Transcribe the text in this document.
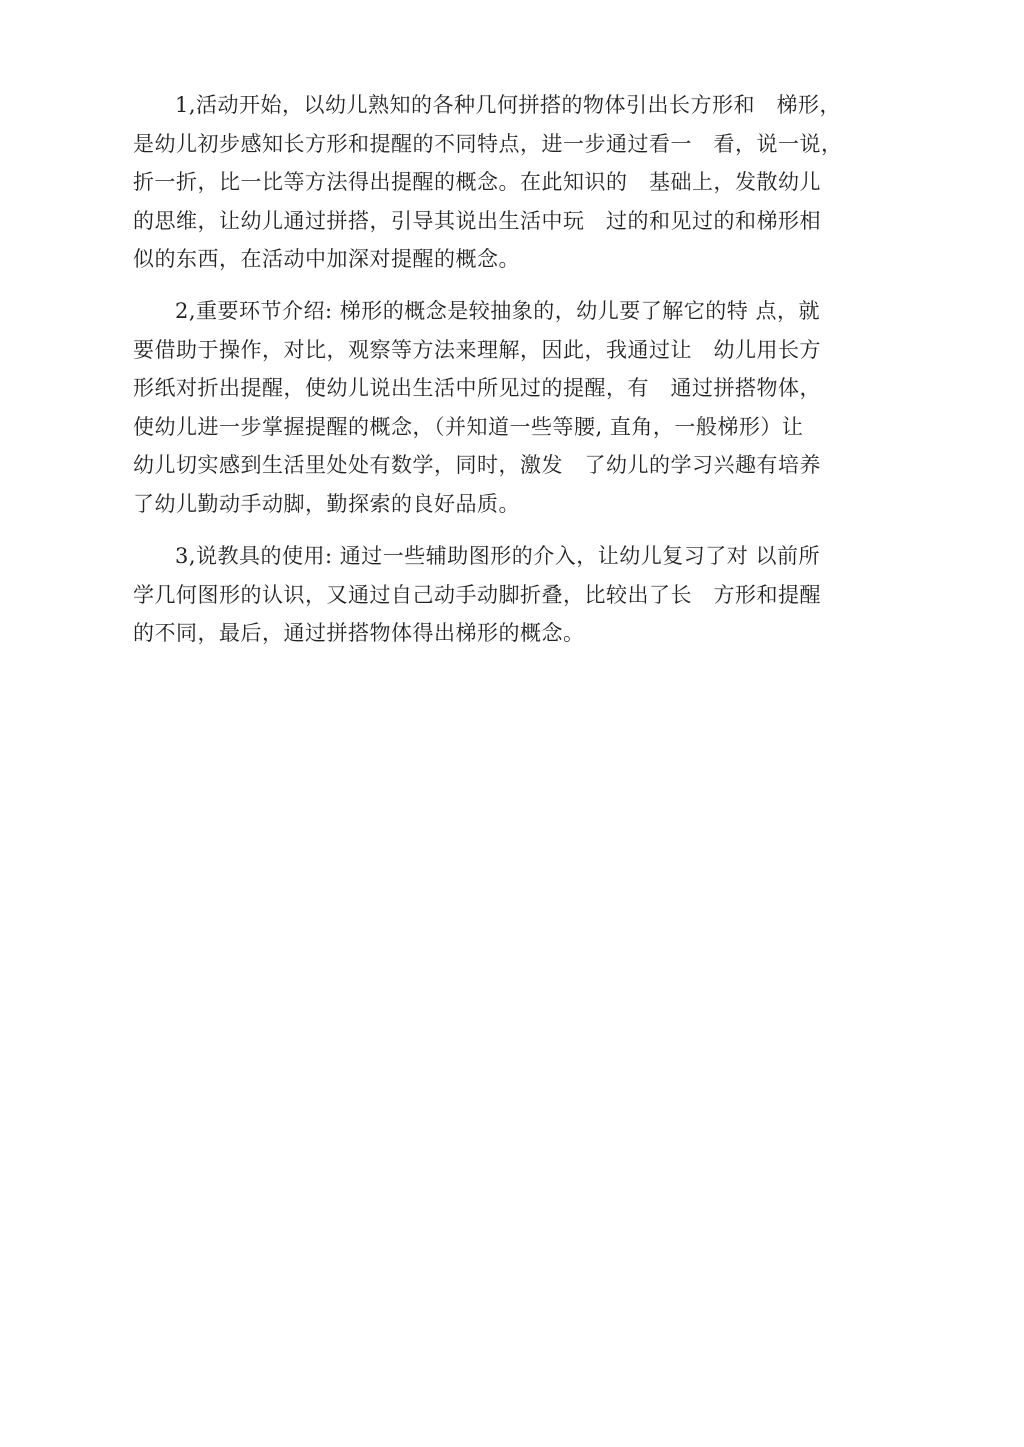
1,活动开始，以幼儿熟知的各种几何拼搭的物体引出长方形和　梯形，
是幼儿初步感知长方形和提醒的不同特点，进一步通过看一　看，说一说，
折一折，比一比等方法得出提醒的概念。在此知识的　基础上，发散幼儿
的思维，让幼儿通过拼搭，引导其说出生活中玩　过的和见过的和梯形相
似的东西，在活动中加深对提醒的概念。
2,重要环节介绍: 梯形的概念是较抽象的，幼儿要了解它的特 点，就
要借助于操作，对比，观察等方法来理解，因此，我通过让　幼儿用长方
形纸对折出提醒，使幼儿说出生活中所见过的提醒，有　通过拼搭物体，
使幼儿进一步掌握提醒的概念，（并知道一些等腰, 直角，一般梯形）让
幼儿切实感到生活里处处有数学，同时，激发　了幼儿的学习兴趣有培养
了幼儿勤动手动脚，勤探索的良好品质。
3,说教具的使用: 通过一些辅助图形的介入，让幼儿复习了对 以前所
学几何图形的认识，又通过自己动手动脚折叠，比较出了长　方形和提醒
的不同，最后，通过拼搭物体得出梯形的概念。
